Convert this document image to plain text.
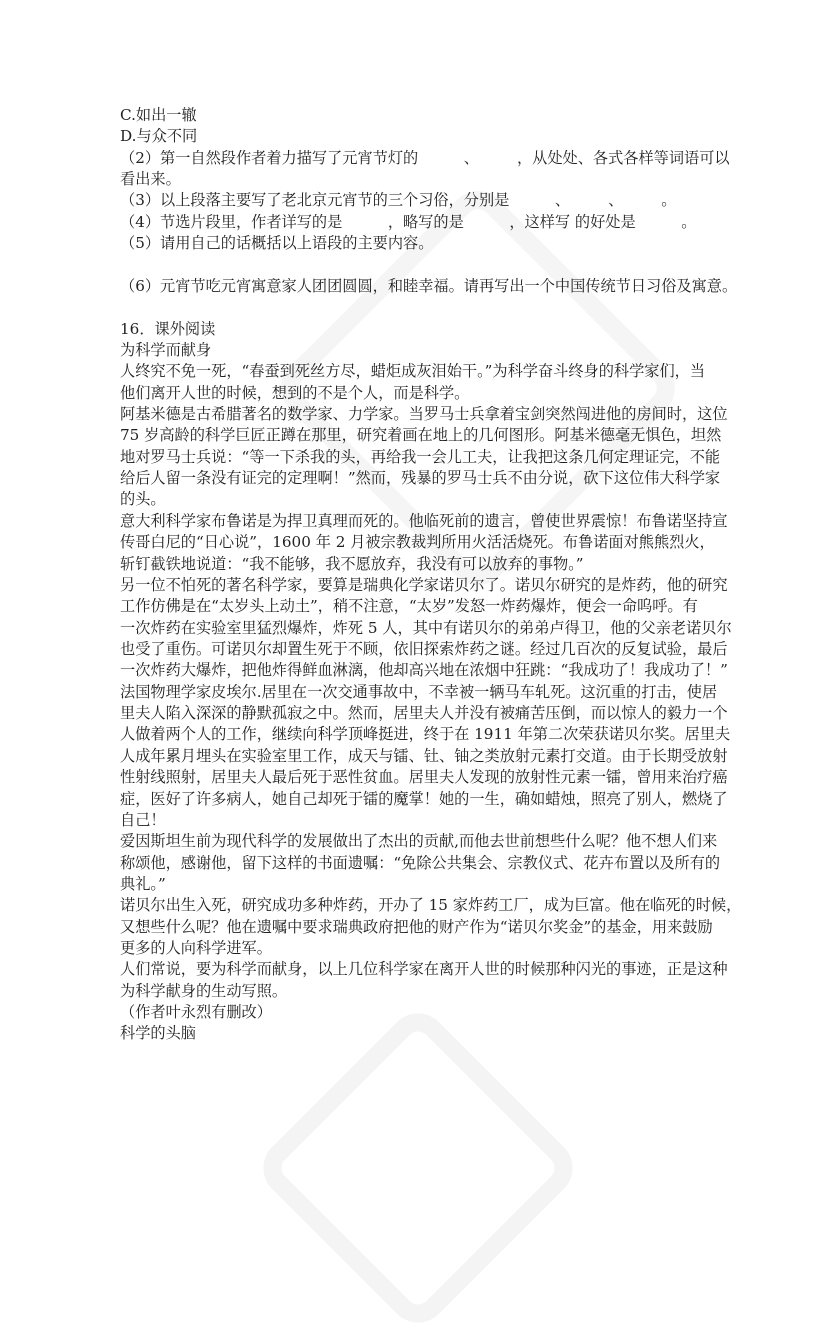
C.如出一辙
D.与众不同
（2）第一自然段作者着力描写了元宵节灯的　　　、　　　，从处处、各式各样等词语可以
看出来。
（3）以上段落主要写了老北京元宵节的三个习俗，分别是　　　、　　　、　　　。
（4）节选片段里，作者详写的是　　　，略写的是　　　，这样写 的好处是　　　。
（5）请用自己的话概括以上语段的主要内容。
（6）元宵节吃元宵寓意家人团团圆圆，和睦幸福。请再写出一个中国传统节日习俗及寓意。
16．课外阅读
为科学而献身
人终究不免一死，“春蚕到死丝方尽，蜡炬成灰泪始干。”为科学奋斗终身的科学家们，当
他们离开人世的时候，想到的不是个人，而是科学。
阿基米德是古希腊著名的数学家、力学家。当罗马士兵拿着宝剑突然闯进他的房间时，这位
75 岁高龄的科学巨匠正蹲在那里，研究着画在地上的几何图形。阿基米德毫无惧色，坦然
地对罗马士兵说：“等一下杀我的头，再给我一会儿工夫，让我把这条几何定理证完，不能
给后人留一条没有证完的定理啊！”然而，残暴的罗马士兵不由分说，砍下这位伟大科学家
的头。
意大利科学家布鲁诺是为捍卫真理而死的。他临死前的遗言，曾使世界震惊！布鲁诺坚持宣
传哥白尼的“日心说”，1600 年 2 月被宗教裁判所用火活活烧死。布鲁诺面对熊熊烈火，
斩钉截铁地说道：“我不能够，我不愿放弃，我没有可以放弃的事物。”
另一位不怕死的著名科学家，要算是瑞典化学家诺贝尔了。诺贝尔研究的是炸药，他的研究
工作仿佛是在“太岁头上动土”，稍不注意，“太岁”发怒一炸药爆炸，便会一命呜呼。有
一次炸药在实验室里猛烈爆炸，炸死 5 人，其中有诺贝尔的弟弟卢得卫，他的父亲老诺贝尔
也受了重伤。可诺贝尔却置生死于不顾，依旧探索炸药之谜。经过几百次的反复试验，最后
一次炸药大爆炸，把他炸得鲜血淋漓，他却高兴地在浓烟中狂跳：“我成功了！我成功了！”
法国物理学家皮埃尔.居里在一次交通事故中，不幸被一辆马车轧死。这沉重的打击，使居
里夫人陷入深深的静默孤寂之中。然而，居里夫人并没有被痛苦压倒，而以惊人的毅力一个
人做着两个人的工作，继续向科学顶峰挺进，终于在 1911 年第二次荣获诺贝尔奖。居里夫
人成年累月埋头在实验室里工作，成天与镭、钍、铀之类放射元素打交道。由于长期受放射
性射线照射，居里夫人最后死于恶性贫血。居里夫人发现的放射性元素一镭，曾用来治疗癌
症，医好了许多病人，她自己却死于镭的魔掌！她的一生，确如蜡烛，照亮了别人，燃烧了
自己！
爱因斯坦生前为现代科学的发展做出了杰出的贡献,而他去世前想些什么呢？他不想人们来
称颂他，感谢他，留下这样的书面遗嘱：“免除公共集会、宗教仪式、花卉布置以及所有的
典礼。”
诺贝尔出生入死，研究成功多种炸药，开办了 15 家炸药工厂，成为巨富。他在临死的时候，
又想些什么呢？他在遗嘱中要求瑞典政府把他的财产作为“诺贝尔奖金”的基金，用来鼓励
更多的人向科学进军。
人们常说，要为科学而献身，以上几位科学家在离开人世的时候那种闪光的事迹，正是这种
为科学献身的生动写照。
（作者叶永烈有删改）
科学的头脑
